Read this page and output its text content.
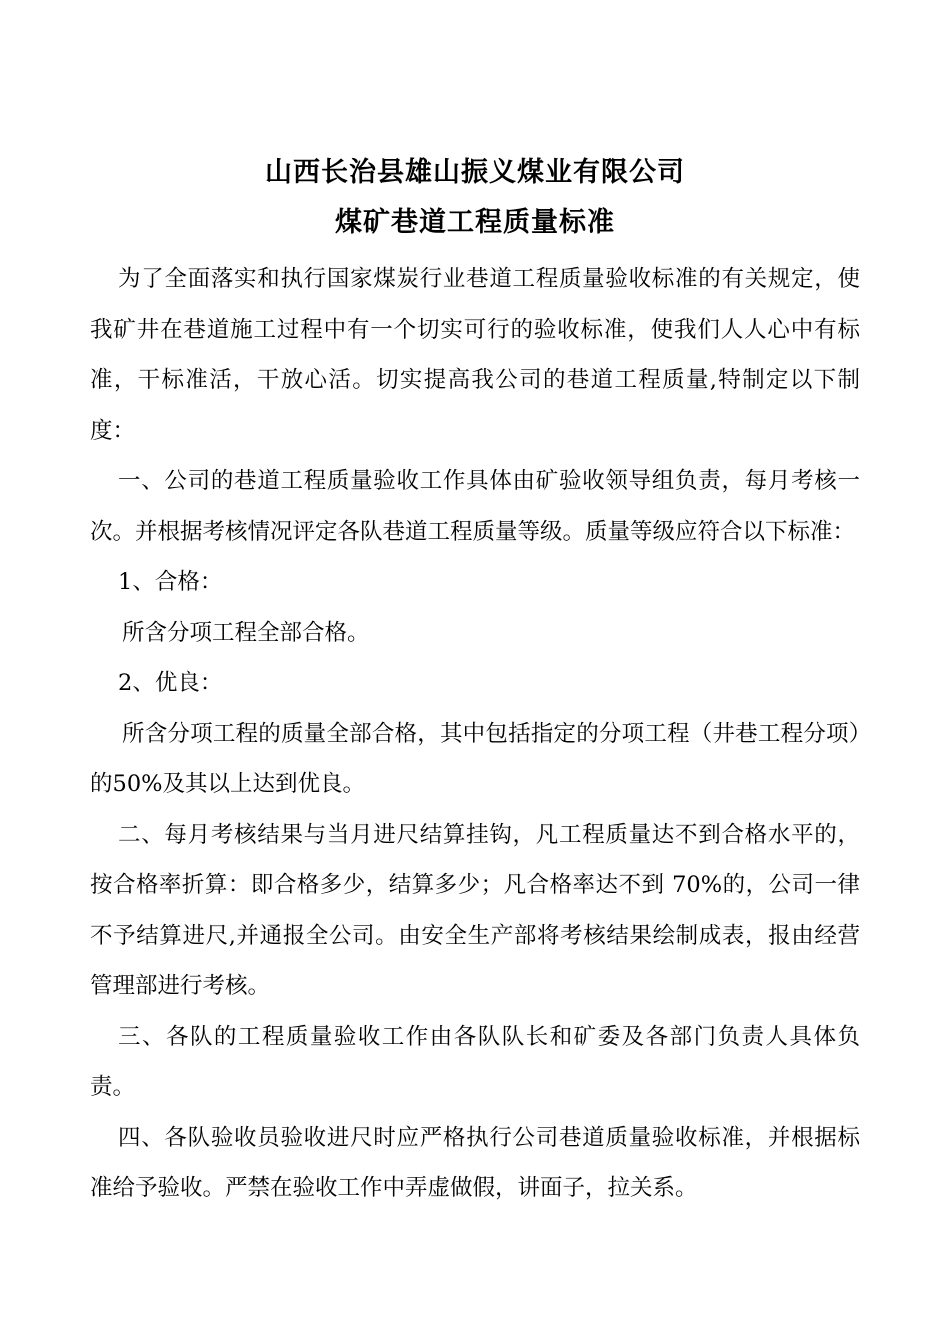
山西长治县雄山振义煤业有限公司
煤矿巷道工程质量标准

为了全面落实和执行国家煤炭行业巷道工程质量验收标准的有关规定，使我矿井在巷道施工过程中有一个切实可行的验收标准，使我们人人心中有标准，干标准活，干放心活。切实提高我公司的巷道工程质量,特制定以下制度：

一、公司的巷道工程质量验收工作具体由矿验收领导组负责，每月考核一次。并根据考核情况评定各队巷道工程质量等级。质量等级应符合以下标准：

1、合格：

所含分项工程全部合格。

2、优良：

所含分项工程的质量全部合格，其中包括指定的分项工程（井巷工程分项）的50%及其以上达到优良。

二、每月考核结果与当月进尺结算挂钩，凡工程质量达不到合格水平的，按合格率折算：即合格多少，结算多少；凡合格率达不到 70%的，公司一律不予结算进尺,并通报全公司。由安全生产部将考核结果绘制成表，报由经营管理部进行考核。

三、各队的工程质量验收工作由各队队长和矿委及各部门负责人具体负责。

四、各队验收员验收进尺时应严格执行公司巷道质量验收标准，并根据标准给予验收。严禁在验收工作中弄虚做假，讲面子，拉关系。
